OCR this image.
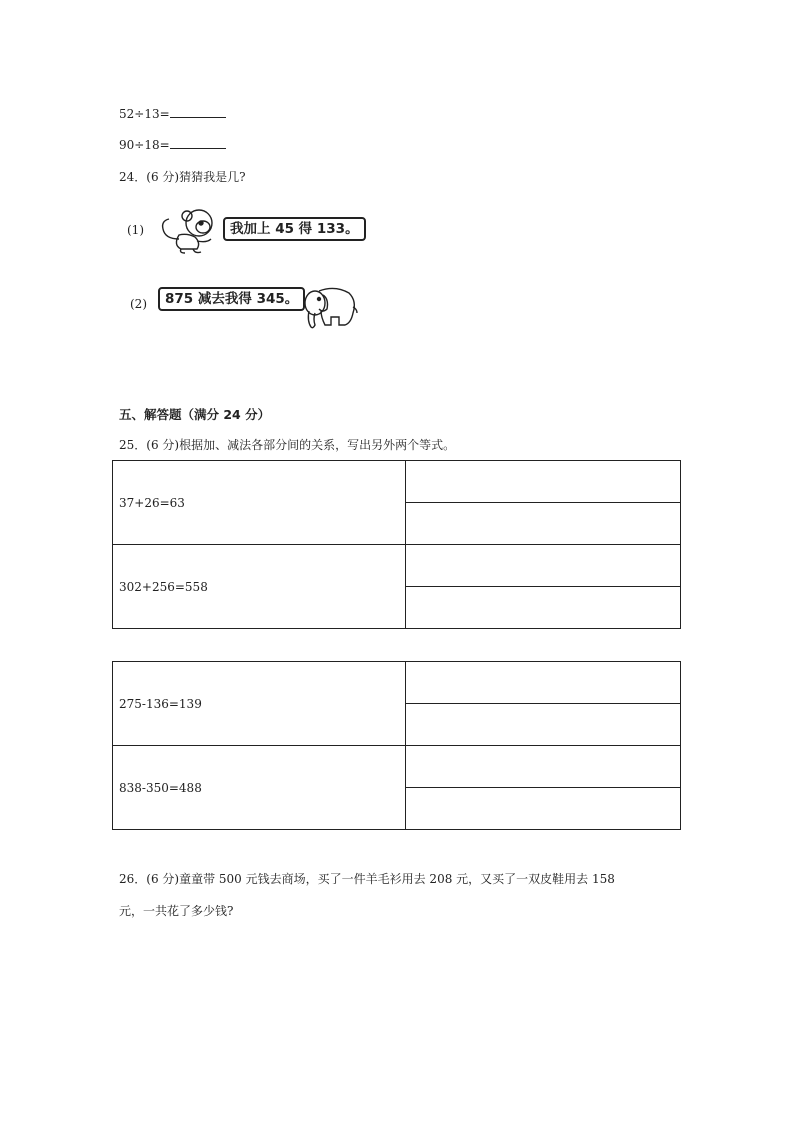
52÷13=
90÷18=
24．(6 分)猜猜我是几?
(1)	我加上 45 得 133。
(2)	875 减去我得 345。
五、解答题（满分 24 分）
25．(6 分)根据加、减法各部分间的关系，写出另外两个等式。
37+26=63	

302+256=558	

275-136=139	

838-350=488	

26．(6 分)童童带 500 元钱去商场，买了一件羊毛衫用去 208 元，又买了一双皮鞋用去 158
元，一共花了多少钱?
